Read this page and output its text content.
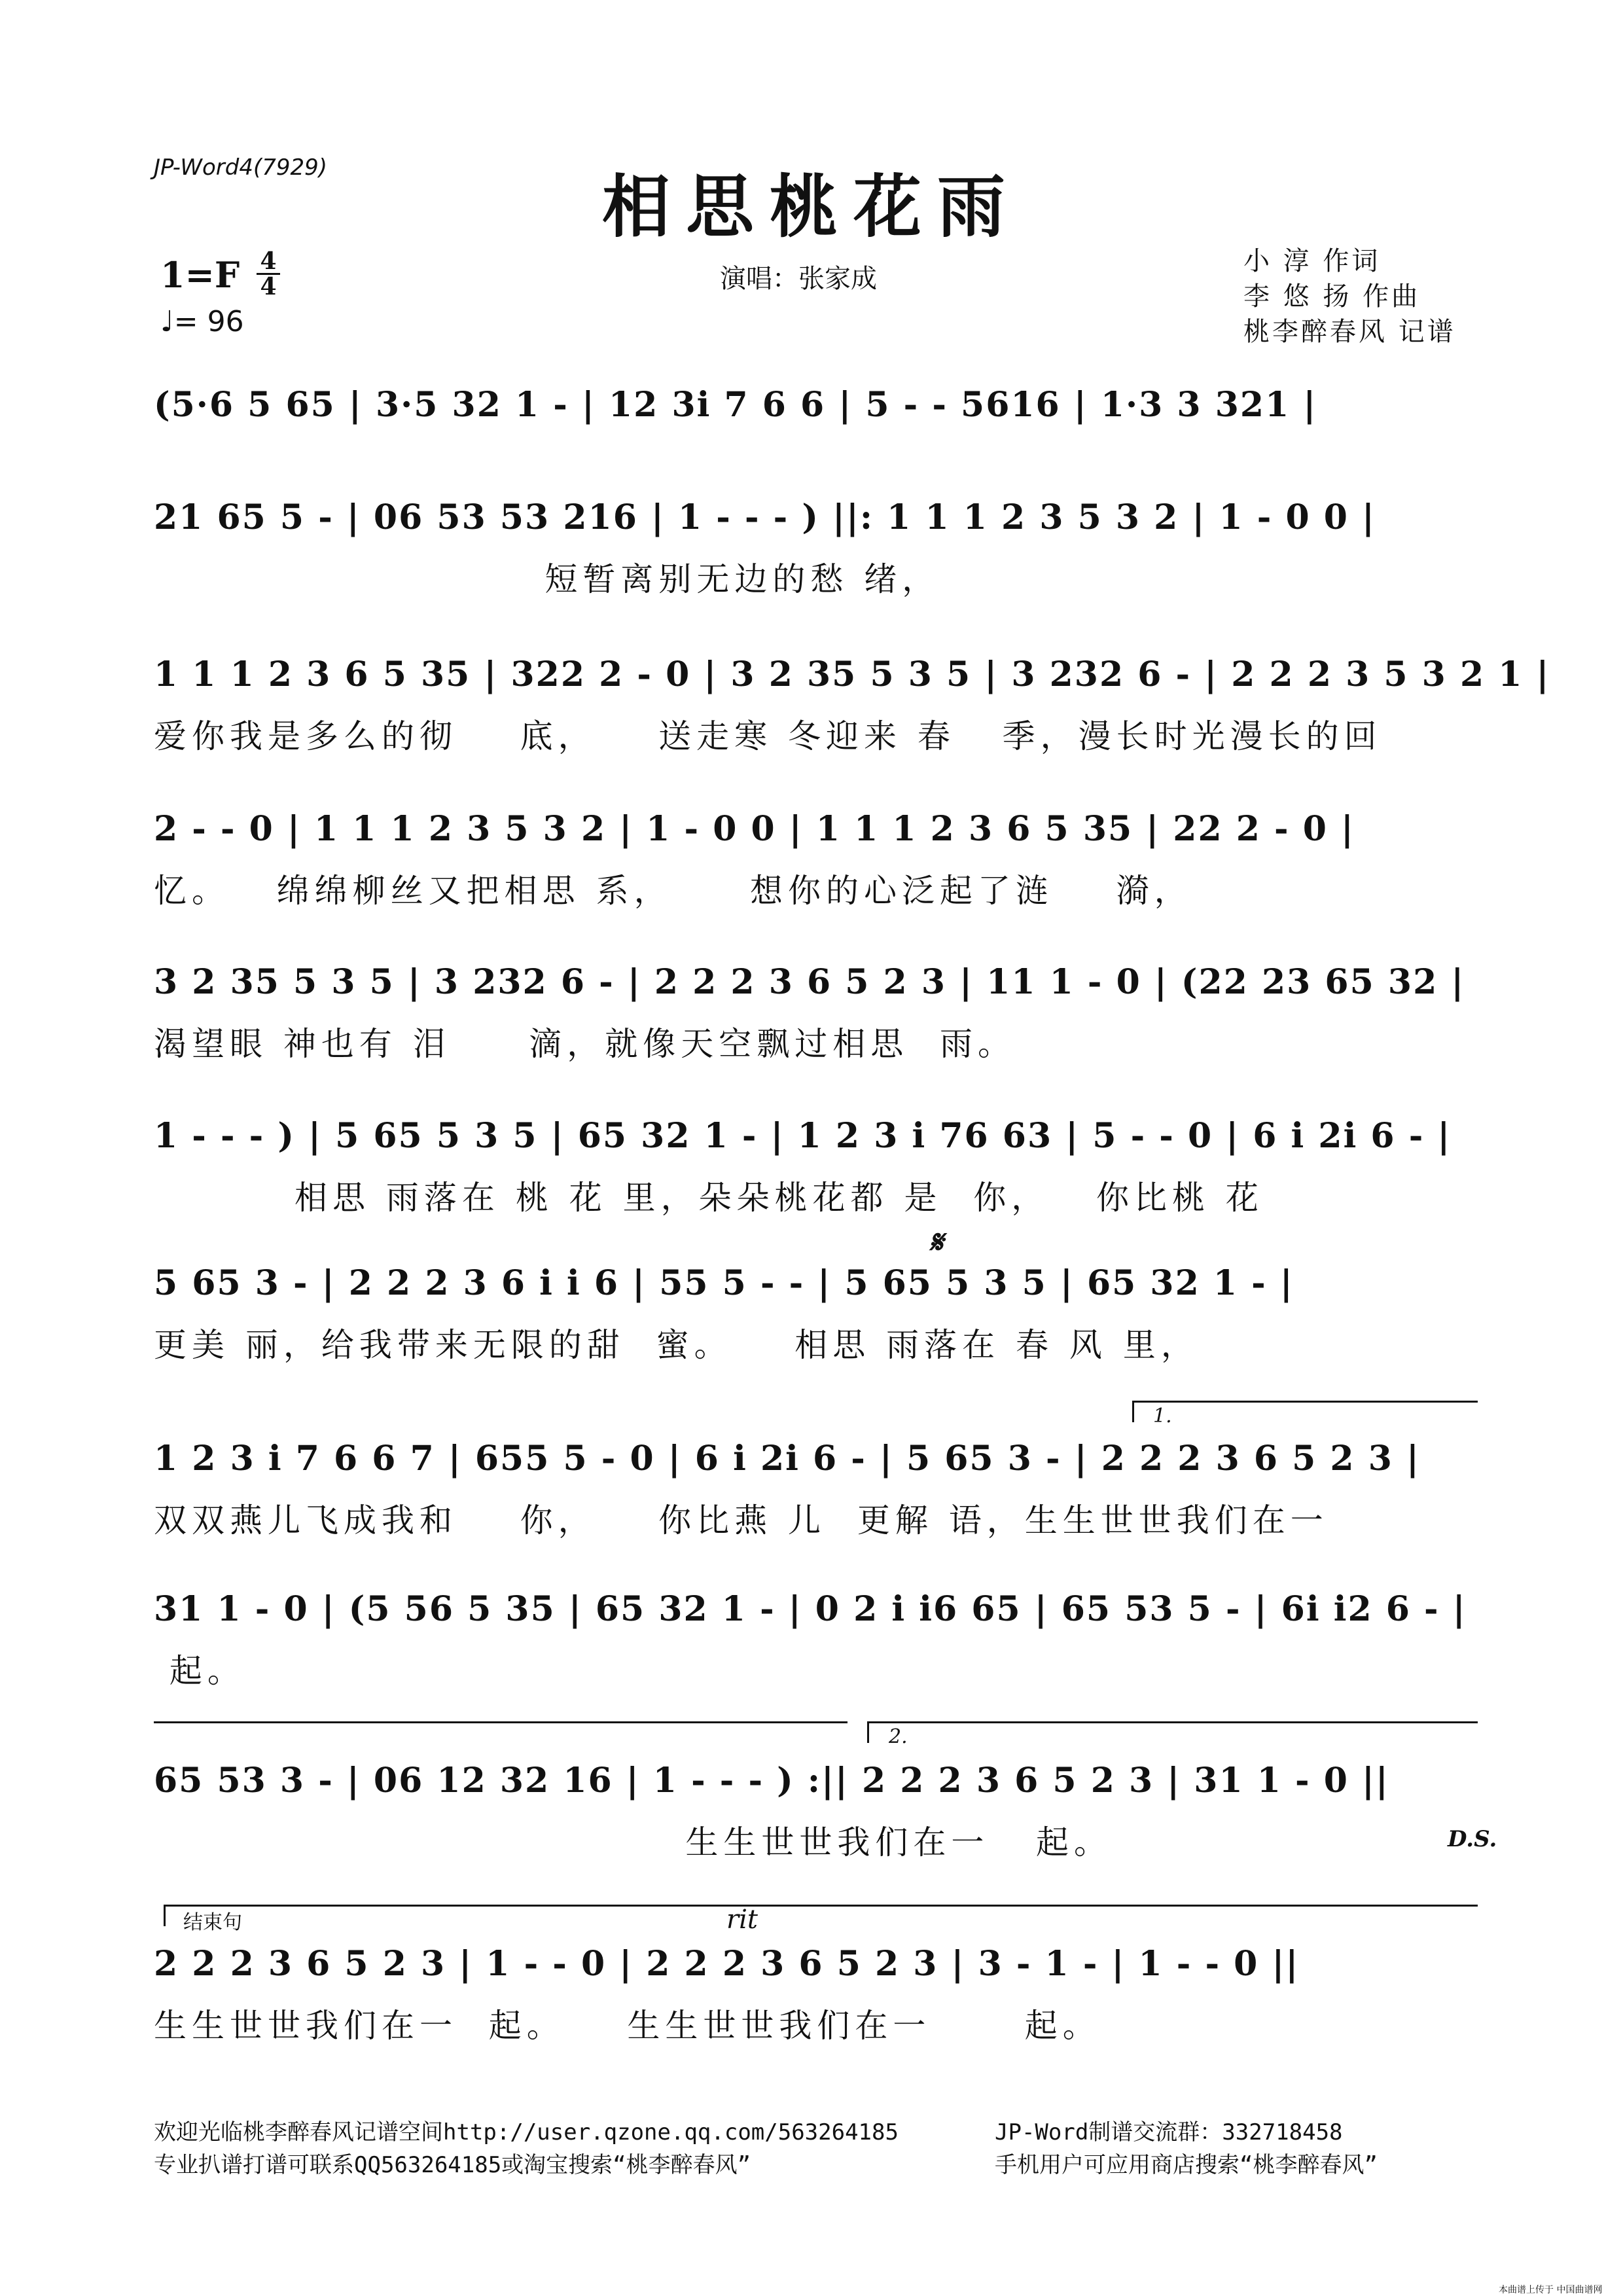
JP-Word4(7929)	相思桃花雨
1=F 4
4
♩= 96
演唱：张家成
小 淳 作词
李 悠 扬 作曲
桃李醉春风 记谱
(5·6 5 65 | 3·5 32 1 - | 12 3i 7 6 6 | 5 - - 5616 | 1·3 3 321 |
21 65 5 - | 06 53 53 216 | 1 - - - ) ||: 1 1 1 2 3 5 3 2 | 1 - 0 0 |
短暂离别无边的愁 绪，
1 1 1 2 3 6 5 35 | 322 2 - 0 | 3 2 35 5 3 5 | 3 232 6 - | 2 2 2 3 5 3 2 1 |
爱你我是多么的彻    底，    送走寒 冬迎来 春   季，漫长时光漫长的回
2 - - 0 | 1 1 1 2 3 5 3 2 | 1 - 0 0 | 1 1 1 2 3 6 5 35 | 22 2 - 0 |
忆。   绵绵柳丝又把相思 系，     想你的心泛起了涟    漪，
3 2 35 5 3 5 | 3 232 6 - | 2 2 2 3 6 5 2 3 | 11 1 - 0 | (22 23 65 32 |
渴望眼 神也有 泪     滴，就像天空飘过相思  雨。
1 - - - ) | 5 65 5 3 5 | 65 32 1 - | 1 2 3 i 76 63 | 5 - - 0 | 6 i 2i 6 - |
相思 雨落在 桃 花 里，朵朵桃花都 是  你，   你比桃 花
𝄋
5 65 3 - | 2 2 2 3 6 i i 6 | 55 5 - - | 5 65 5 3 5 | 65 32 1 - |
更美 丽，给我带来无限的甜  蜜。    相思 雨落在 春 风 里，
1.
1 2 3 i 7 6 6 7 | 655 5 - 0 | 6 i 2i 6 - | 5 65 3 - | 2 2 2 3 6 5 2 3 |
双双燕儿飞成我和    你，    你比燕 儿  更解 语，生生世世我们在一
31 1 - 0 | (5 56 5 35 | 65 32 1 - | 0 2 i i6 65 | 65 53 5 - | 6i i2 6 - |
起。
2.
65 53 3 - | 06 12 32 16 | 1 - - - ) :|| 2 2 2 3 6 5 2 3 | 31 1 - 0 ||
生生世世我们在一   起。	D.S.
结束句	rit
2 2 2 3 6 5 2 3 | 1 - - 0 | 2 2 2 3 6 5 2 3 | 3 - 1 - | 1 - - 0 ||
生生世世我们在一  起。    生生世世我们在一      起。
欢迎光临桃李醉春风记谱空间http://user.qzone.qq.com/563264185	JP-Word制谱交流群：332718458
专业扒谱打谱可联系QQ563264185或淘宝搜索“桃李醉春风”	手机用户可应用商店搜索“桃李醉春风”
本曲谱上传于 中国曲谱网
